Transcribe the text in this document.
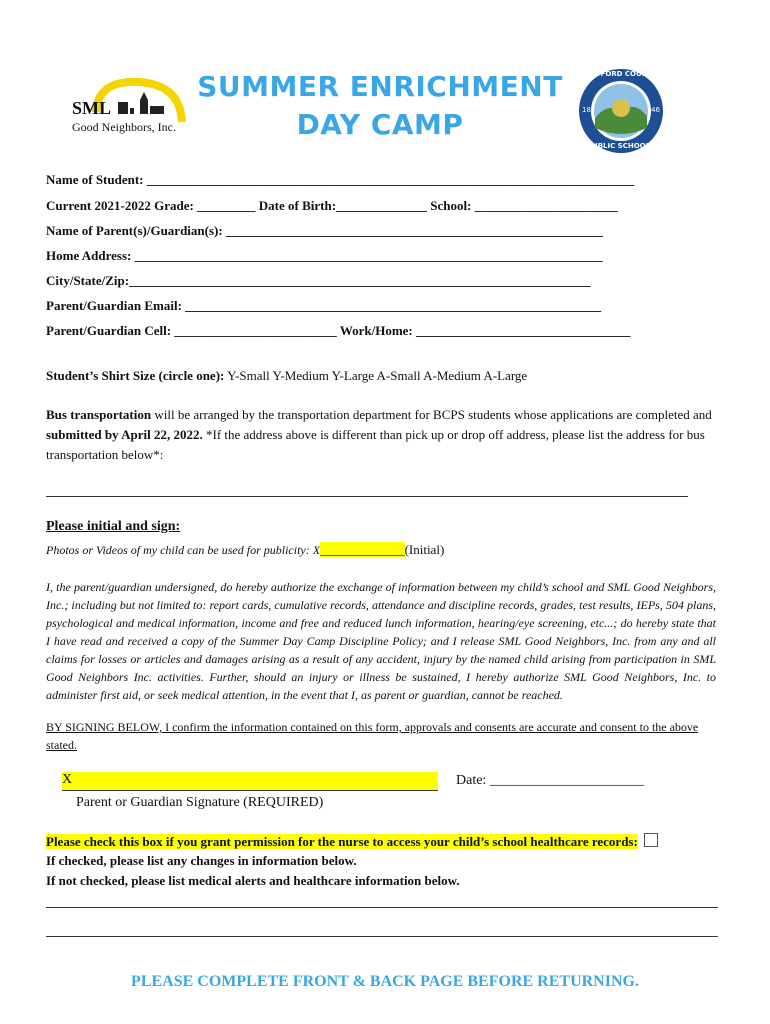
SML
Good Neighbors, Inc.
SUMMER ENRICHMENT
DAY CAMP
BEDFORD COUNTY
PUBLIC SCHOOLS
18	46
Name of Student: ___________________________________________________________________________
Current 2021-2022 Grade: _________ Date of Birth:______________ School: ______________________
Name of Parent(s)/Guardian(s): __________________________________________________________
Home Address: ________________________________________________________________________
City/State/Zip:_______________________________________________________________________
Parent/Guardian Email: ________________________________________________________________
Parent/Guardian Cell: _________________________ Work/Home: _________________________________
Student’s Shirt Size (circle one): Y-Small Y-Medium Y-Large A-Small A-Medium A-Large
Bus transportation will be arranged by the transportation department for BCPS students whose applications are completed and submitted by April 22, 2022. *If the address above is different than pick up or drop off address, please list the address for bus transportation below*:
Please initial and sign:
Photos or Videos of my child can be used for publicity: X_____________(Initial)
I, the parent/guardian undersigned, do hereby authorize the exchange of information between my child’s school and SML Good Neighbors, Inc.; including but not limited to: report cards, cumulative records, attendance and discipline records, grades, test results, IEPs, 504 plans, psychological and medical information, income and free and reduced lunch information, hearing/eye screening, etc...; do hereby state that I have read and received a copy of the Summer Day Camp Discipline Policy; and I release SML Good Neighbors, Inc. from any and all claims for losses or articles and damages arising as a result of any accident, injury by the named child arising from participation in SML Good Neighbors Inc. activities. Further, should an injury or illness be sustained, I hereby authorize SML Good Neighbors, Inc. to administer first aid, or seek medical attention, in the event that I, as parent or guardian, cannot be reached.
BY SIGNING BELOW, I confirm the information contained on this form, approvals and consents are accurate and consent to the above stated.
X	Date: ______________________
Parent or Guardian Signature (REQUIRED)
Please check this box if you grant permission for the nurse to access your child’s school healthcare records:
If checked, please list any changes in information below.
If not checked, please list medical alerts and healthcare information below.
PLEASE COMPLETE FRONT & BACK PAGE BEFORE RETURNING.
